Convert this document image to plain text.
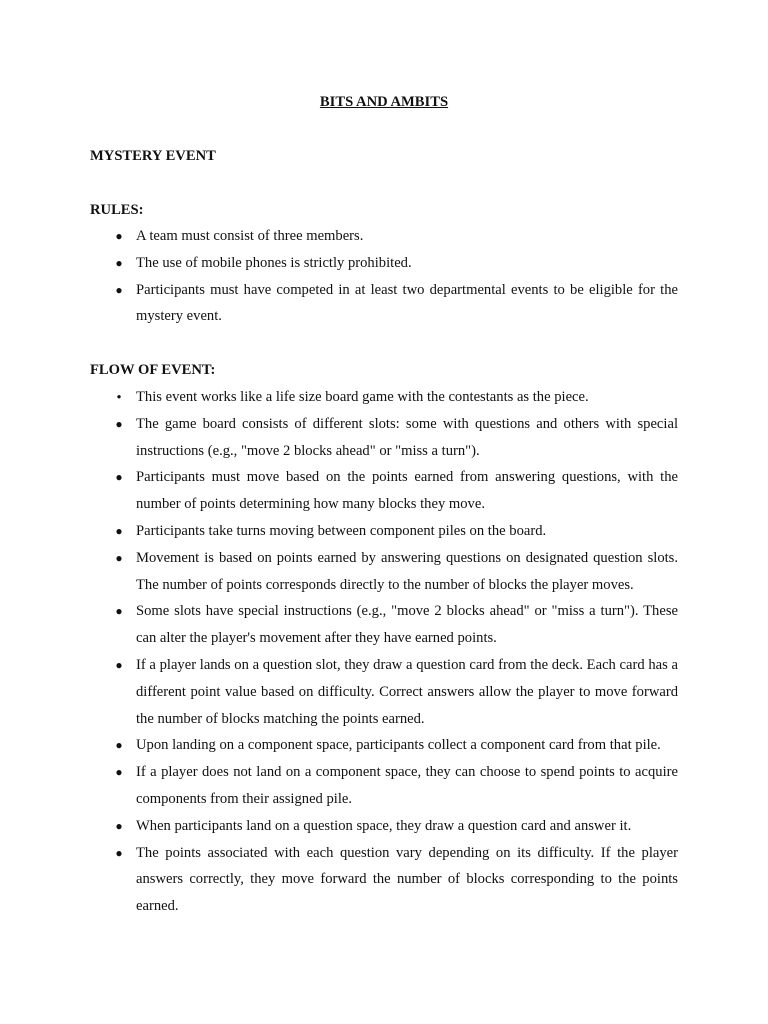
BITS AND AMBITS
MYSTERY EVENT
RULES:
● A team must consist of three members.
● The use of mobile phones is strictly prohibited.
● Participants must have competed in at least two departmental events to be eligible for the mystery event.
FLOW OF EVENT:
● This event works like a life size board game with the contestants as the piece.
● The game board consists of different slots: some with questions and others with special instructions (e.g., "move 2 blocks ahead" or "miss a turn").
● Participants must move based on the points earned from answering questions, with the number of points determining how many blocks they move.
● Participants take turns moving between component piles on the board.
● Movement is based on points earned by answering questions on designated question slots. The number of points corresponds directly to the number of blocks the player moves.
● Some slots have special instructions (e.g., "move 2 blocks ahead" or "miss a turn"). These can alter the player's movement after they have earned points.
● If a player lands on a question slot, they draw a question card from the deck. Each card has a different point value based on difficulty. Correct answers allow the player to move forward the number of blocks matching the points earned.
● Upon landing on a component space, participants collect a component card from that pile.
● If a player does not land on a component space, they can choose to spend points to acquire components from their assigned pile.
● When participants land on a question space, they draw a question card and answer it.
● The points associated with each question vary depending on its difficulty. If the player answers correctly, they move forward the number of blocks corresponding to the points earned.
